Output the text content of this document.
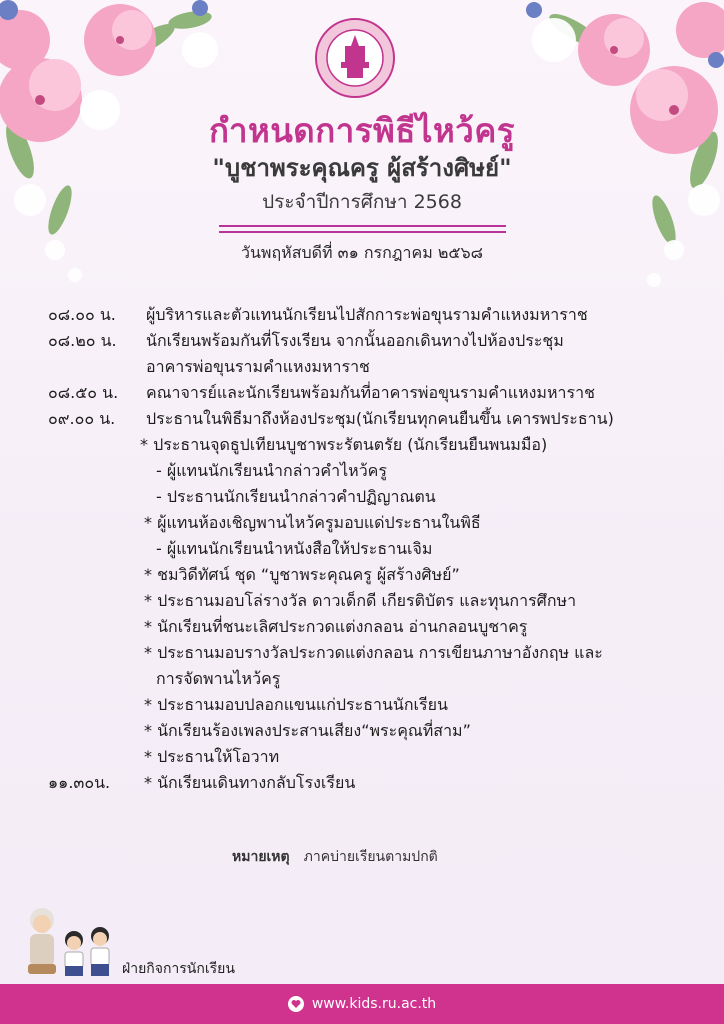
กำหนดการพิธีไหว้ครู
"บูชาพระคุณครู ผู้สร้างศิษย์"
ประจำปีการศึกษา 2568
วันพฤหัสบดีที่ ๓๑ กรกฎาคม ๒๕๖๘
๐๘.๐๐ น.	ผู้บริหารและตัวแทนนักเรียนไปสักการะพ่อขุนรามคำแหงมหาราช
๐๘.๒๐ น.	นักเรียนพร้อมกันที่โรงเรียน จากนั้นออกเดินทางไปห้องประชุม
อาคารพ่อขุนรามคำแหงมหาราช
๐๘.๕๐ น.	คณาจารย์และนักเรียนพร้อมกันที่อาคารพ่อขุนรามคำแหงมหาราช
๐๙.๐๐ น.	ประธานในพิธีมาถึงห้องประชุม(นักเรียนทุกคนยืนขึ้น เคารพประธาน)
* ประธานจุดธูปเทียนบูชาพระรัตนตรัย (นักเรียนยืนพนมมือ)
- ผู้แทนนักเรียนนำกล่าวคำไหว้ครู
- ประธานนักเรียนนำกล่าวคำปฏิญาณตน
* ผู้แทนห้องเชิญพานไหว้ครูมอบแด่ประธานในพิธี
- ผู้แทนนักเรียนนำหนังสือให้ประธานเจิม
* ชมวิดีทัศน์ ชุด “บูชาพระคุณครู ผู้สร้างศิษย์”
* ประธานมอบโล่รางวัล ดาวเด็กดี เกียรติบัตร และทุนการศึกษา
* นักเรียนที่ชนะเลิศประกวดแต่งกลอน อ่านกลอนบูชาครู
* ประธานมอบรางวัลประกวดแต่งกลอน การเขียนภาษาอังกฤษ และ
การจัดพานไหว้ครู
* ประธานมอบปลอกแขนแก่ประธานนักเรียน
* นักเรียนร้องเพลงประสานเสียง“พระคุณที่สาม”
* ประธานให้โอวาท
๑๑.๓๐น.	* นักเรียนเดินทางกลับโรงเรียน
หมายเหตุ ภาคบ่ายเรียนตามปกติ
ฝ่ายกิจการนักเรียน
www.kids.ru.ac.th
